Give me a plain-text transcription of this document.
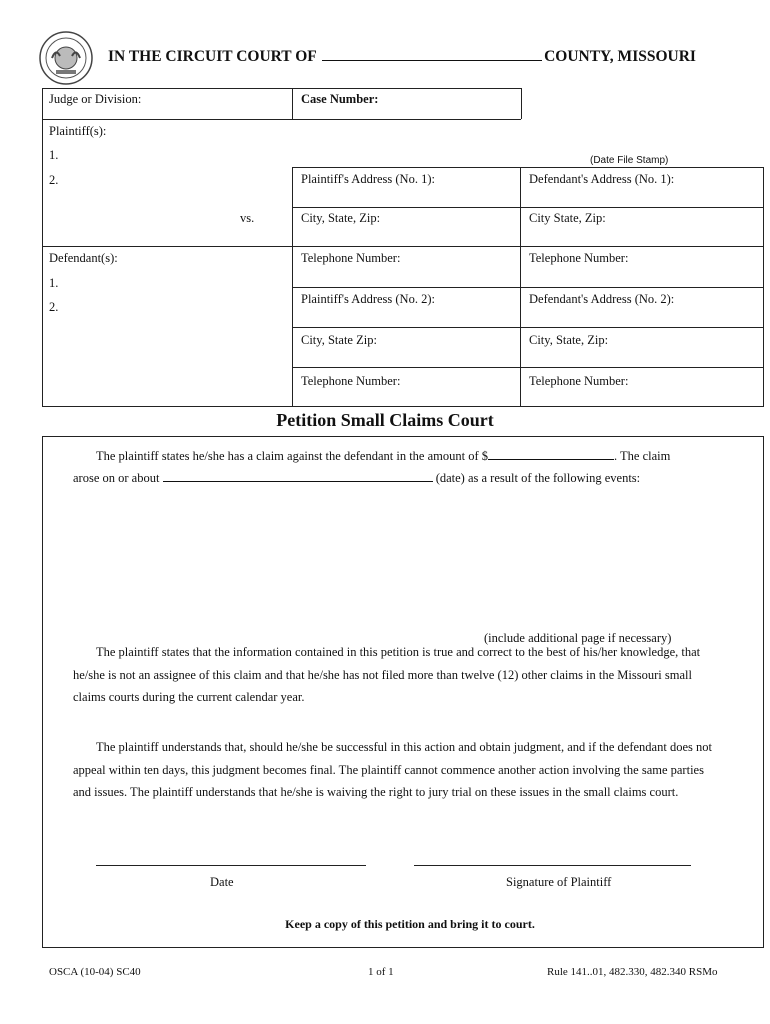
IN THE CIRCUIT COURT OF	COUNTY, MISSOURI
Judge or Division:	Case Number:
Plaintiff(s):
1.
2.
(Date File Stamp)
vs.
Defendant(s):
1.
2.
Plaintiff's Address (No. 1):	Defendant's Address (No. 1):
City, State, Zip:	City State, Zip:
Telephone Number:	Telephone Number:
Plaintiff's Address (No. 2):	Defendant's Address (No. 2):
City, State Zip:	City, State, Zip:
Telephone Number:	Telephone Number:
Petition Small Claims Court
The plaintiff states he/she has a claim against the defendant in the amount of $	. The claim
arose on or about	(date) as a result of the following events:
(include additional page if necessary)
The plaintiff states that the information contained in this petition is true and correct to the best of his/her knowledge, that he/she is not an assignee of this claim and that he/she has not filed more than twelve (12) other claims in the Missouri small claims courts during the current calendar year.
The plaintiff understands that, should he/she be successful in this action and obtain judgment, and if the defendant does not appeal within ten days, this judgment becomes final. The plaintiff cannot commence another action involving the same parties and issues. The plaintiff understands that he/she is waiving the right to jury trial on these issues in the small claims court.
Date	Signature of Plaintiff
Keep a copy of this petition and bring it to court.
OSCA (10-04) SC40	1 of 1	Rule 141..01, 482.330, 482.340 RSMo
